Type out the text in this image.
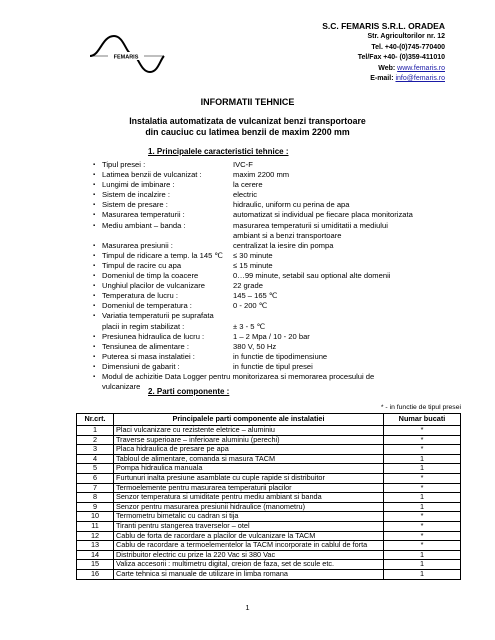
S.C. FEMARIS S.R.L. ORADEA
Str. Agricultorilor nr. 12
Tel. +40-(0)745-770400
Tel/Fax +40- (0)359-411010
Web: www.femaris.ro
E-mail: info@femaris.ro
FEMARIS
INFORMATII TEHNICE
Instalatia automatizata de vulcanizat benzi transportoare
din cauciuc cu latimea benzii de maxim 2200 mm
1. Principalele caracteristici tehnice :
▪ Tipul presei :	IVC-F
▪ Latimea benzii de vulcanizat :	maxim 2200 mm
▪ Lungimi de imbinare :	la cerere
▪ Sistem de incalzire :	electric
▪ Sistem de presare :	hidraulic, uniform cu perina de apa
▪ Masurarea temperaturii :	automatizat si individual pe fiecare placa monitorizata
▪ Mediu ambiant – banda :	masurarea temperaturii si umiditatii a mediului
ambiant si a benzi transportoare
▪ Masurarea presiunii :	centralizat la iesire din pompa
▪ Timpul de ridicare a temp. la 145 ℃ ≤ 30 minute
▪ Timpul de racire cu apa	≤ 15 minute
▪ Domeniul de timp la coacere	0…99 minute, setabil sau optional alte domenii
▪ Unghiul placilor de vulcanizare	22 grade
▪ Temperatura de lucru :	145 – 165 ℃
▪ Domeniul de temperatura :	0 - 200 ℃
▪ Variatia temperaturii pe suprafata
placii in regim stabilizat :	± 3 - 5 ℃
▪ Presiunea hidraulica de lucru :	1 – 2 Mpa / 10 - 20 bar
▪ Tensiunea de alimentare :	380 V, 50 Hz
▪ Puterea si masa instalatiei :	in functie de tipodimensiune
▪ Dimensiuni de gabarit :	in functie de tipul presei
▪ Modul de achizitie Data Logger pentru monitorizarea si memorarea procesului de
vulcanizare
2. Parti componente :
* - in functie de tipul presei
Nr.crt.	Principalele parti componente ale instalatiei	Numar bucati
1	Placi vulcanizare cu rezistente eletrice – aluminiu	*
2	Traverse superioare – inferioare aluminiu (perechi)	*
3	Placa hidraulica de presare pe apa	*
4	Tabloul de alimentare, comanda si masura TACM	1
5	Pompa hidraulica manuala	1
6	Furtunuri inalta presiune asamblate cu cuple rapide si distribuitor	*
7	Termoelemente pentru masurarea temperaturii placilor	*
8	Senzor temperatura si umiditate pentru mediu ambiant si banda	1
9	Senzor pentru masurarea presiunii hidraulice (manometru)	1
10	Termometru bimetalic cu cadran si tija	*
11	Tiranti pentru stangerea traverselor – otel	*
12	Cablu de forta de racordare a placilor de vulcanizare la TACM	*
13	Cablu de racordare a termoelementelor la TACM incorporate in cablul de forta	*
14	Distribuitor electric cu prize la 220 Vac si 380 Vac	1
15	Valiza accesorii : multimetru digital, creion de faza, set de scule etc.	1
16	Carte tehnica si manuale de utilizare in limba romana	1
1
